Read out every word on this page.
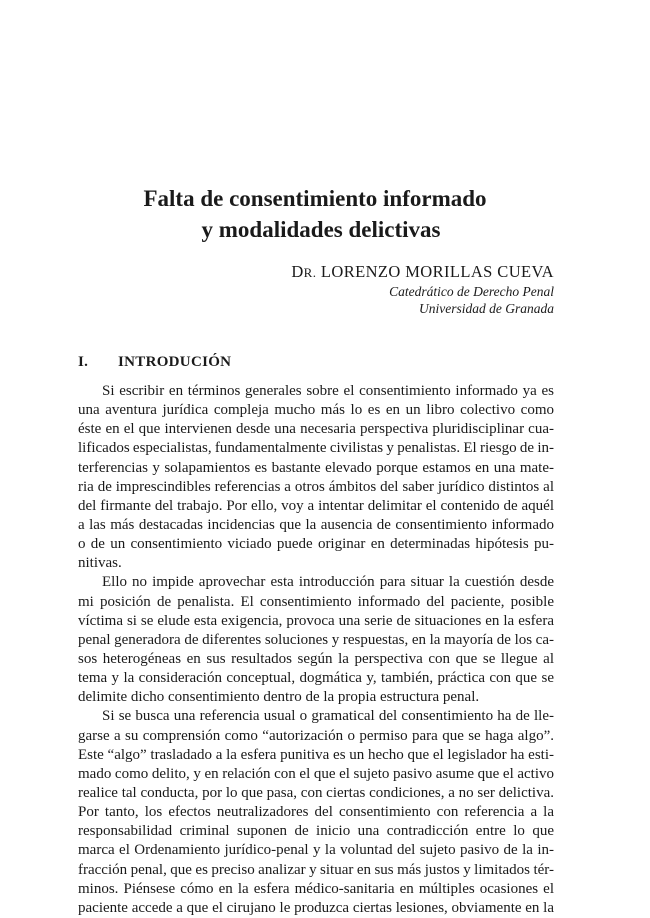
Falta de consentimiento informado
y modalidades delictivas

DR. LORENZO MORILLAS CUEVA

Catedrático de Derecho Penal

Universidad de Granada

I. INTRODUCIÓN
Si escribir en términos generales sobre el consentimiento informado ya es
una aventura jurídica compleja mucho más lo es en un libro colectivo como
éste en el que intervienen desde una necesaria perspectiva pluridisciplinar cua-
lificados especialistas, fundamentalmente civilistas y penalistas. El riesgo de in-
terferencias y solapamientos es bastante elevado porque estamos en una mate-
ria de imprescindibles referencias a otros ámbitos del saber jurídico distintos al
del firmante del trabajo. Por ello, voy a intentar delimitar el contenido de aquél
a las más destacadas incidencias que la ausencia de consentimiento informado
o de un consentimiento viciado puede originar en determinadas hipótesis pu-
nitivas.
Ello no impide aprovechar esta introducción para situar la cuestión desde
mi posición de penalista. El consentimiento informado del paciente, posible
víctima si se elude esta exigencia, provoca una serie de situaciones en la esfera
penal generadora de diferentes soluciones y respuestas, en la mayoría de los ca-
sos heterogéneas en sus resultados según la perspectiva con que se llegue al
tema y la consideración conceptual, dogmática y, también, práctica con que se
delimite dicho consentimiento dentro de la propia estructura penal.
Si se busca una referencia usual o gramatical del consentimiento ha de lle-
garse a su comprensión como “autorización o permiso para que se haga algo”.
Este “algo” trasladado a la esfera punitiva es un hecho que el legislador ha esti-
mado como delito, y en relación con el que el sujeto pasivo asume que el activo
realice tal conducta, por lo que pasa, con ciertas condiciones, a no ser delictiva.
Por tanto, los efectos neutralizadores del consentimiento con referencia a la
responsabilidad criminal suponen de inicio una contradicción entre lo que
marca el Ordenamiento jurídico-penal y la voluntad del sujeto pasivo de la in-
fracción penal, que es preciso analizar y situar en sus más justos y limitados tér-
minos. Piénsese cómo en la esfera médico-sanitaria en múltiples ocasiones el
paciente accede a que el cirujano le produzca ciertas lesiones, obviamente en la
